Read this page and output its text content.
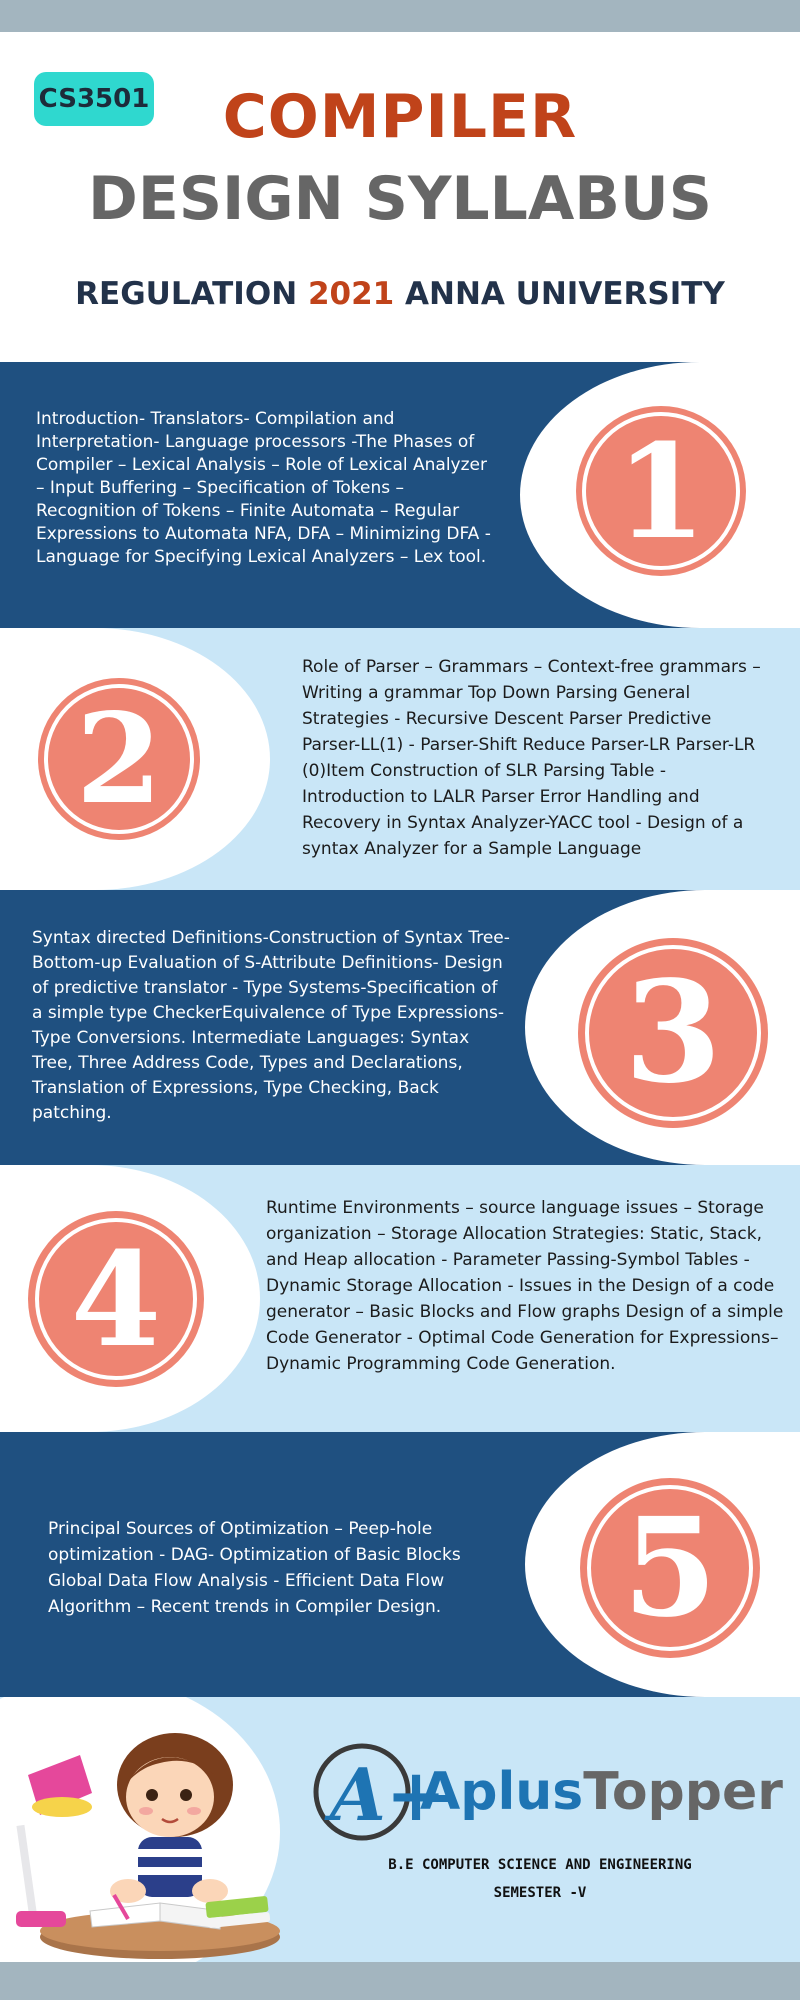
CS3501	COMPILER
DESIGN SYLLABUS
REGULATION 2021 ANNA UNIVERSITY
1
Introduction- Translators- Compilation and Interpretation- Language processors -The Phases of Compiler – Lexical Analysis – Role of Lexical Analyzer – Input Buffering – Specification of Tokens – Recognition of Tokens – Finite Automata – Regular Expressions to Automata NFA, DFA – Minimizing DFA - Language for Specifying Lexical Analyzers – Lex tool.
2
Role of Parser – Grammars – Context-free grammars – Writing a grammar Top Down Parsing General Strategies - Recursive Descent Parser Predictive Parser-LL(1) - Parser-Shift Reduce Parser-LR Parser-LR (0)Item Construction of SLR Parsing Table - Introduction to LALR Parser Error Handling and Recovery in Syntax Analyzer-YACC tool - Design of a syntax Analyzer for a Sample Language
3
Syntax directed Definitions-Construction of Syntax Tree-Bottom-up Evaluation of S-Attribute Definitions- Design of predictive translator - Type Systems-Specification of a simple type CheckerEquivalence of Type Expressions-Type Conversions. Intermediate Languages: Syntax Tree, Three Address Code, Types and Declarations, Translation of Expressions, Type Checking, Back patching.
4
Runtime Environments – source language issues – Storage organization – Storage Allocation Strategies: Static, Stack, and Heap allocation - Parameter Passing-Symbol Tables - Dynamic Storage Allocation - Issues in the Design of a code generator – Basic Blocks and Flow graphs Design of a simple Code Generator - Optimal Code Generation for Expressions– Dynamic Programming Code Generation.
5
Principal Sources of Optimization – Peep-hole optimization - DAG- Optimization of Basic Blocks Global Data Flow Analysis - Efficient Data Flow Algorithm – Recent trends in Compiler Design.
A+
AplusTopper
B.E COMPUTER SCIENCE AND ENGINEERING
SEMESTER -V
